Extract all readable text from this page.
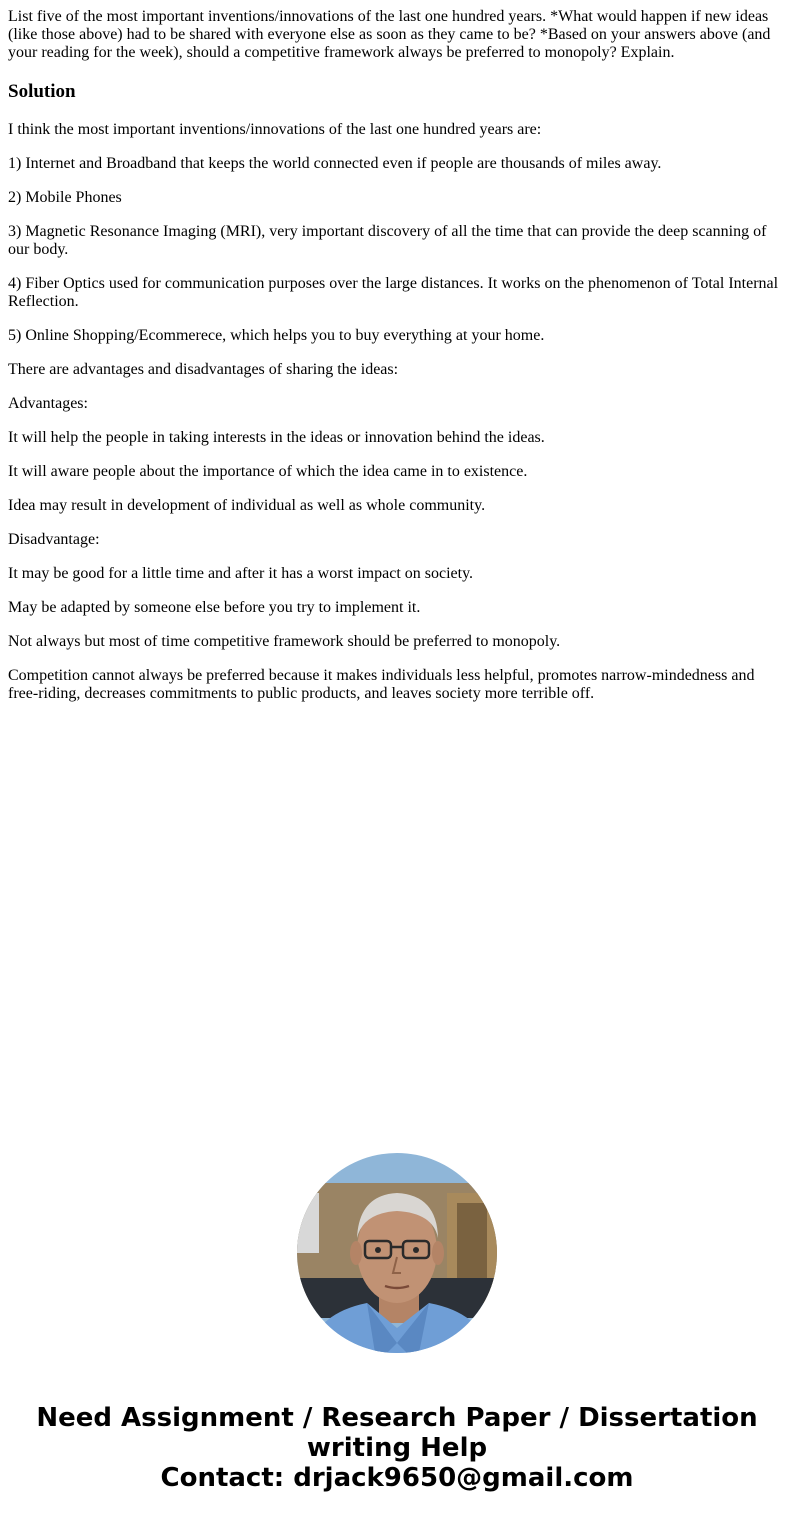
List five of the most important inventions/innovations of the last one hundred years. *What would happen if new ideas (like those above) had to be shared with everyone else as soon as they came to be? *Based on your answers above (and your reading for the week), should a competitive framework always be preferred to monopoly? Explain.

Solution

I think the most important inventions/innovations of the last one hundred years are:

1) Internet and Broadband that keeps the world connected even if people are thousands of miles away.

2) Mobile Phones

3) Magnetic Resonance Imaging (MRI), very important discovery of all the time that can provide the deep scanning of our body.

4) Fiber Optics used for communication purposes over the large distances. It works on the phenomenon of Total Internal Reflection.

5) Online Shopping/Ecommerece, which helps you to buy everything at your home.

There are advantages and disadvantages of sharing the ideas:

Advantages:

It will help the people in taking interests in the ideas or innovation behind the ideas.

It will aware people about the importance of which the idea came in to existence.

Idea may result in development of individual as well as whole community.

Disadvantage:

It may be good for a little time and after it has a worst impact on society.

May be adapted by someone else before you try to implement it.

Not always but most of time competitive framework should be preferred to monopoly.

Competition cannot always be preferred because it makes individuals less helpful, promotes narrow-mindedness and free-riding, decreases commitments to public products, and leaves society more terrible off.

Need Assignment / Research Paper / Dissertation
writing Help
Contact: drjack9650@gmail.com
